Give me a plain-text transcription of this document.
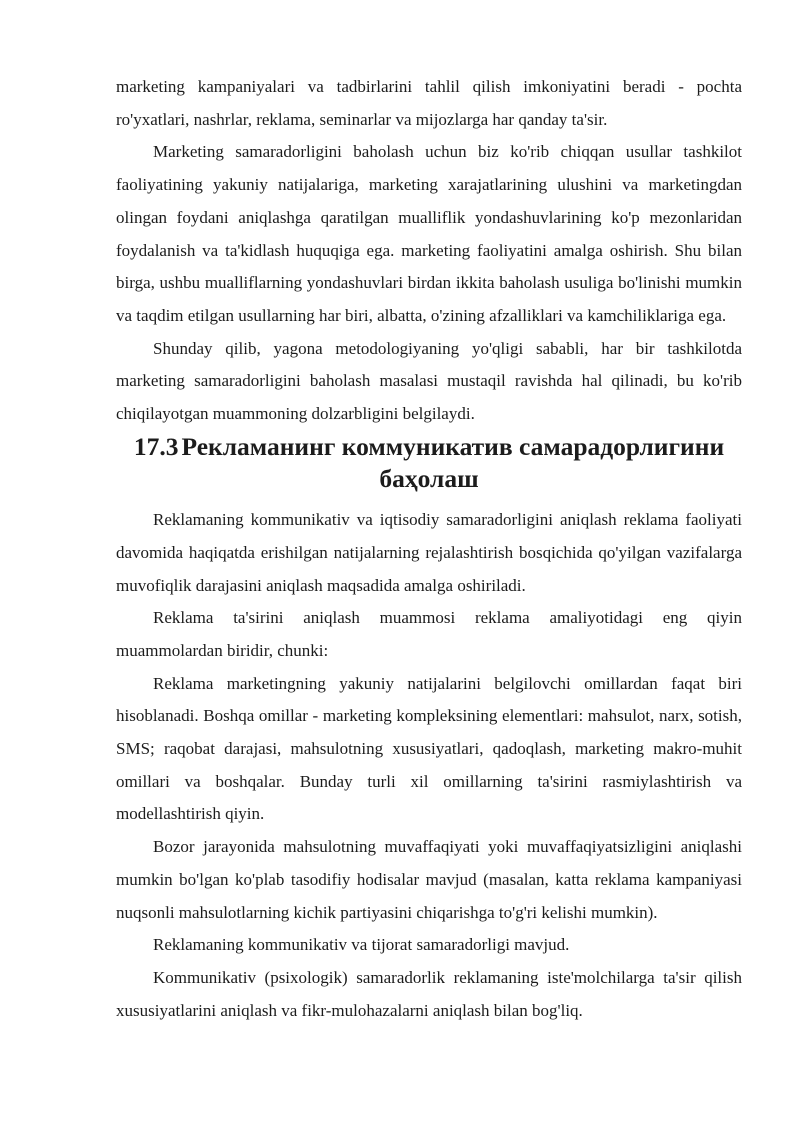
marketing kampaniyalari va tadbirlarini tahlil qilish imkoniyatini beradi - pochta ro'yxatlari, nashrlar, reklama, seminarlar va mijozlarga har qanday ta'sir.

Marketing samaradorligini baholash uchun biz ko'rib chiqqan usullar tashkilot faoliyatining yakuniy natijalariga, marketing xarajatlarining ulushini va marketingdan olingan foydani aniqlashga qaratilgan mualliflik yondashuvlarining ko'p mezonlaridan foydalanish va ta'kidlash huquqiga ega. marketing faoliyatini amalga oshirish. Shu bilan birga, ushbu mualliflarning yondashuvlari birdan ikkita baholash usuliga bo'linishi mumkin va taqdim etilgan usullarning har biri, albatta, o'zining afzalliklari va kamchiliklariga ega.

Shunday qilib, yagona metodologiyaning yo'qligi sababli, har bir tashkilotda marketing samaradorligini baholash masalasi mustaqil ravishda hal qilinadi, bu ko'rib chiqilayotgan muammoning dolzarbligini belgilaydi.

17.3 Рекламанинг коммуникатив самарадорлигини баҳолаш

Reklamaning kommunikativ va iqtisodiy samaradorligini aniqlash reklama faoliyati davomida haqiqatda erishilgan natijalarning rejalashtirish bosqichida qo'yilgan vazifalarga muvofiqlik darajasini aniqlash maqsadida amalga oshiriladi.

Reklama ta'sirini aniqlash muammosi reklama amaliyotidagi eng qiyin muammolardan biridir, chunki:

Reklama marketingning yakuniy natijalarini belgilovchi omillardan faqat biri hisoblanadi. Boshqa omillar - marketing kompleksining elementlari: mahsulot, narx, sotish, SMS; raqobat darajasi, mahsulotning xususiyatlari, qadoqlash, marketing makro-muhit omillari va boshqalar. Bunday turli xil omillarning ta'sirini rasmiylashtirish va modellashtirish qiyin.

Bozor jarayonida mahsulotning muvaffaqiyati yoki muvaffaqiyatsizligini aniqlashi mumkin bo'lgan ko'plab tasodifiy hodisalar mavjud (masalan, katta reklama kampaniyasi nuqsonli mahsulotlarning kichik partiyasini chiqarishga to'g'ri kelishi mumkin).

Reklamaning kommunikativ va tijorat samaradorligi mavjud.

Kommunikativ (psixologik) samaradorlik reklamaning iste'molchilarga ta'sir qilish xususiyatlarini aniqlash va fikr-mulohazalarni aniqlash bilan bog'liq.
